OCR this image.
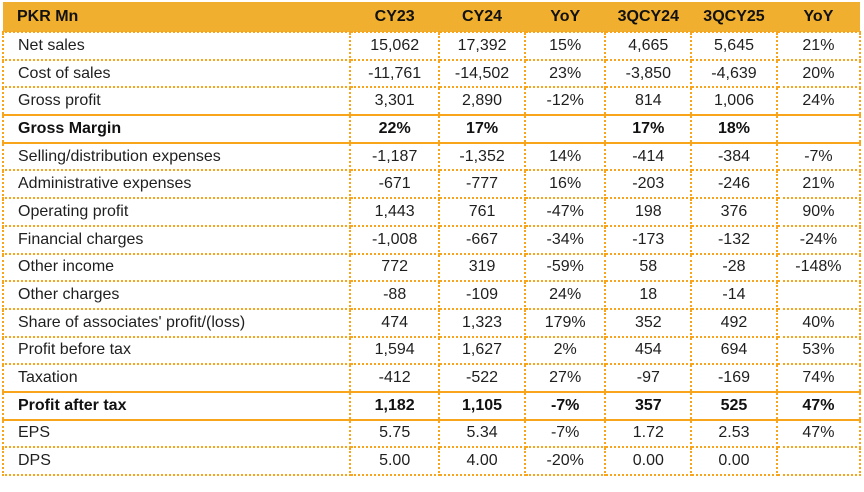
PKR Mn	CY23	CY24	YoY	3QCY24	3QCY25	YoY
Net sales	15,062	17,392	15%	4,665	5,645	21%
Cost of sales	-11,761	-14,502	23%	-3,850	-4,639	20%
Gross profit	3,301	2,890	-12%	814	1,006	24%
Gross Margin	22%	17%		17%	18%	
Selling/distribution expenses	-1,187	-1,352	14%	-414	-384	-7%
Administrative expenses	-671	-777	16%	-203	-246	21%
Operating profit	1,443	761	-47%	198	376	90%
Financial charges	-1,008	-667	-34%	-173	-132	-24%
Other income	772	319	-59%	58	-28	-148%
Other charges	-88	-109	24%	18	-14	
Share of associates' profit/(loss)	474	1,323	179%	352	492	40%
Profit before tax	1,594	1,627	2%	454	694	53%
Taxation	-412	-522	27%	-97	-169	74%
Profit after tax	1,182	1,105	-7%	357	525	47%
EPS	5.75	5.34	-7%	1.72	2.53	47%
DPS	5.00	4.00	-20%	0.00	0.00	
